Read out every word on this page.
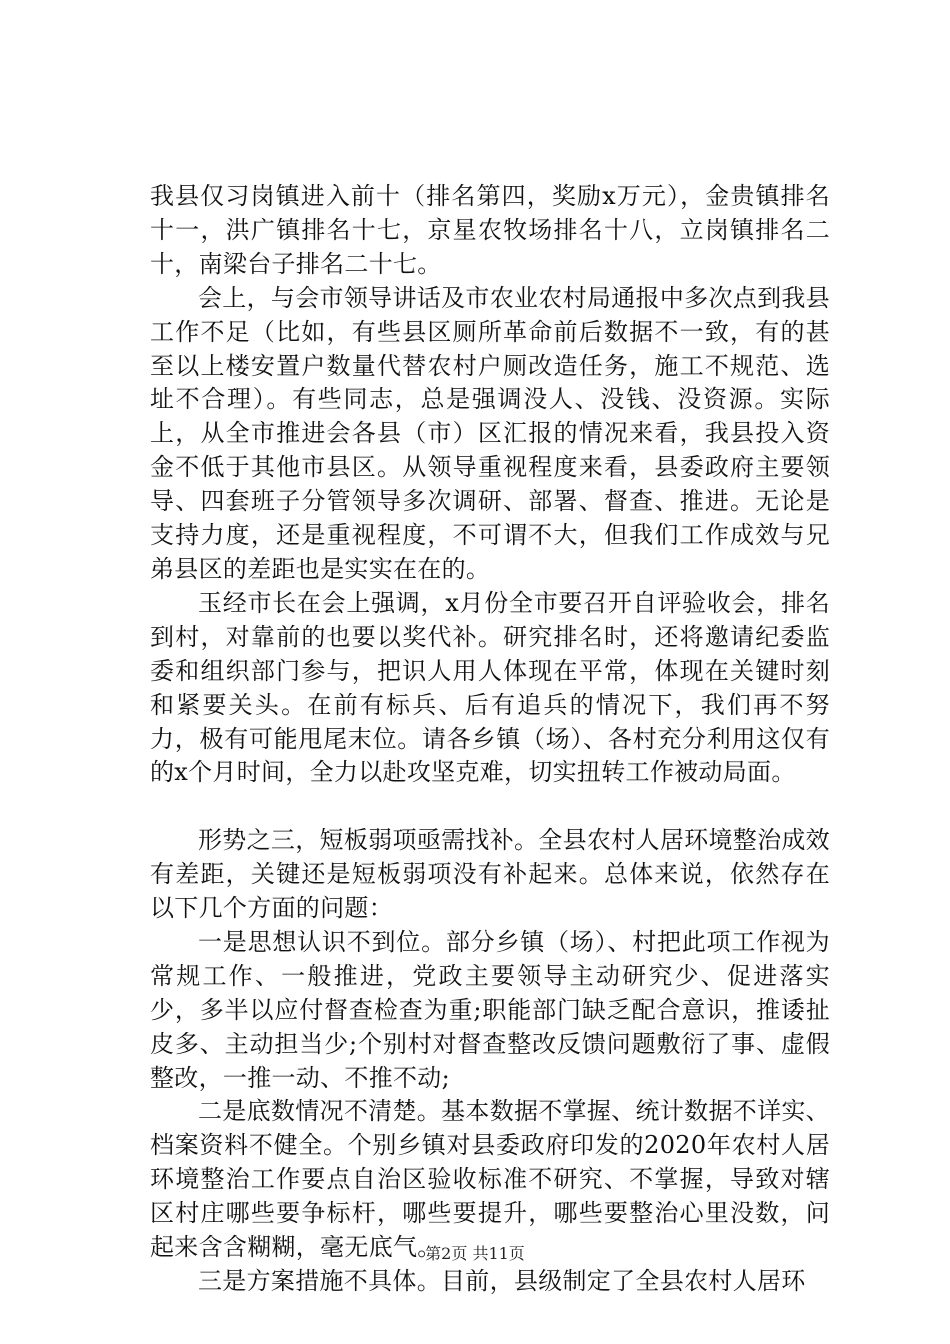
我县仅习岗镇进入前十（排名第四，奖励x万元），金贵镇排名十一，洪广镇排名十七，京星农牧场排名十八，立岗镇排名二十，南梁台子排名二十七。

会上，与会市领导讲话及市农业农村局通报中多次点到我县工作不足（比如，有些县区厕所革命前后数据不一致，有的甚至以上楼安置户数量代替农村户厕改造任务，施工不规范、选址不合理）。有些同志，总是强调没人、没钱、没资源。实际上，从全市推进会各县（市）区汇报的情况来看，我县投入资金不低于其他市县区。从领导重视程度来看，县委政府主要领导、四套班子分管领导多次调研、部署、督查、推进。无论是支持力度，还是重视程度，不可谓不大，但我们工作成效与兄弟县区的差距也是实实在在的。

玉经市长在会上强调，x月份全市要召开自评验收会，排名到村，对靠前的也要以奖代补。研究排名时，还将邀请纪委监委和组织部门参与，把识人用人体现在平常，体现在关键时刻和紧要关头。在前有标兵、后有追兵的情况下，我们再不努力，极有可能甩尾末位。请各乡镇（场）、各村充分利用这仅有的x个月时间，全力以赴攻坚克难，切实扭转工作被动局面。

形势之三，短板弱项亟需找补。全县农村人居环境整治成效有差距，关键还是短板弱项没有补起来。总体来说，依然存在以下几个方面的问题：

一是思想认识不到位。部分乡镇（场）、村把此项工作视为常规工作、一般推进，党政主要领导主动研究少、促进落实少，多半以应付督查检查为重;职能部门缺乏配合意识，推诿扯皮多、主动担当少;个别村对督查整改反馈问题敷衍了事、虚假整改，一推一动、不推不动;

二是底数情况不清楚。基本数据不掌握、统计数据不详实、档案资料不健全。个别乡镇对县委政府印发的2020年农村人居环境整治工作要点自治区验收标准不研究、不掌握，导致对辖区村庄哪些要争标杆，哪些要提升，哪些要整治心里没数，问起来含含糊糊，毫无底气。

三是方案措施不具体。目前，县级制定了全县农村人居环

第2页 共11页
